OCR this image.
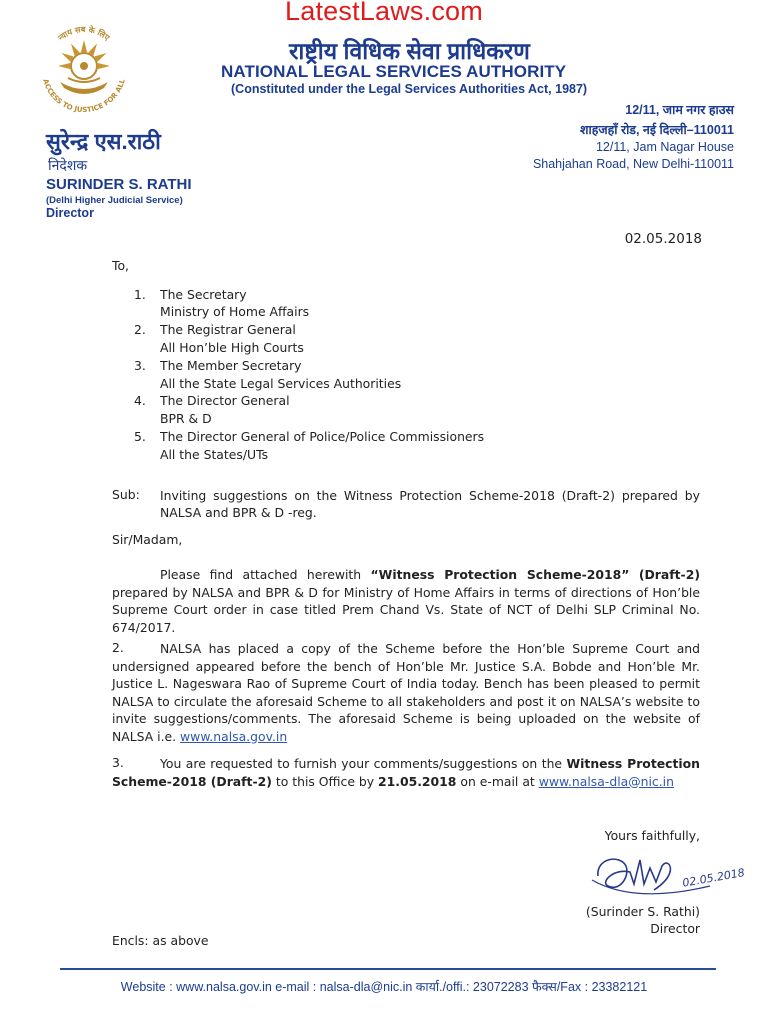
LatestLaws.com
न्याय सब के लिए
ACCESS TO JUSTICE FOR ALL
राष्ट्रीय विधिक सेवा प्राधिकरण
NATIONAL LEGAL SERVICES AUTHORITY
(Constituted under the Legal Services Authorities Act, 1987)
12/11, जाम नगर हाउस
शाहजहाँ रोड, नई दिल्ली–110011
12/11, Jam Nagar House
Shahjahan Road, New Delhi-110011
सुरेन्द्र एस.राठी
निदेशक
SURINDER S. RATHI
(Delhi Higher Judicial Service)
Director
02.05.2018
To,
1. The Secretary
Ministry of Home Affairs
2. The Registrar General
All Hon’ble High Courts
3. The Member Secretary
All the State Legal Services Authorities
4. The Director General
BPR & D
5. The Director General of Police/Police Commissioners
All the States/UTs
Sub: Inviting suggestions on the Witness Protection Scheme-2018 (Draft-2) prepared by NALSA and BPR & D -reg.
Sir/Madam,
Please find attached herewith “Witness Protection Scheme-2018” (Draft-2) prepared by NALSA and BPR & D for Ministry of Home Affairs in terms of directions of Hon’ble Supreme Court order in case titled Prem Chand Vs. State of NCT of Delhi SLP Criminal No. 674/2017.
2.	NALSA has placed a copy of the Scheme before the Hon’ble Supreme Court and undersigned appeared before the bench of Hon’ble Mr. Justice S.A. Bobde and Hon’ble Mr. Justice L. Nageswara Rao of Supreme Court of India today. Bench has been pleased to permit NALSA to circulate the aforesaid Scheme to all stakeholders and post it on NALSA’s website to invite suggestions/comments. The aforesaid Scheme is being uploaded on the website of NALSA i.e. www.nalsa.gov.in
3.	You are requested to furnish your comments/suggestions on the Witness Protection Scheme-2018 (Draft-2) to this Office by 21.05.2018 on e-mail at www.nalsa-dla@nic.in
Yours faithfully,
02.05.2018
(Surinder S. Rathi)
Director
Encls: as above
Website : www.nalsa.gov.in e-mail : nalsa-dla@nic.in कार्या./offi.: 23072283 फैक्स/Fax : 23382121
